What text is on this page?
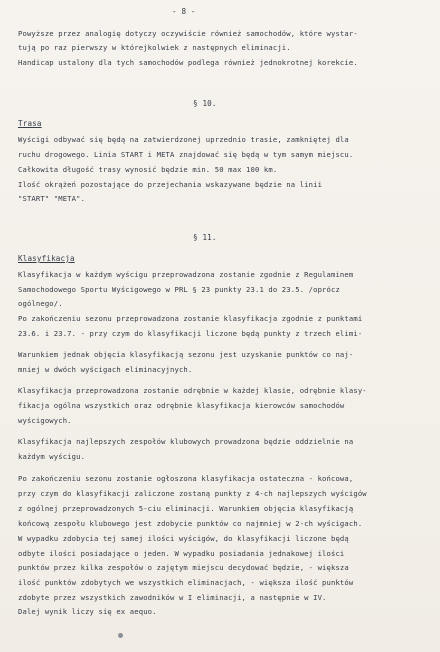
- 8 -
Powyższe przez analogię dotyczy oczywiście również samochodów, które wystar-
tują po raz pierwszy w którejkolwiek z następnych eliminacji.
Handicap ustalony dla tych samochodów podlega również jednokrotnej korekcie.
§ 10.
Trasa
Wyścigi odbywać się będą na zatwierdzonej uprzednio trasie, zamkniętej dla
ruchu drogowego. Linia START i META znajdować się będą w tym samym miejscu.
Całkowita długość trasy wynosić będzie min. 50 max 100 km.
Ilość okrążeń pozostające do przejechania wskazywane będzie na linii
"START" "META".
§ 11.
Klasyfikacja
Klasyfikacja w każdym wyścigu przeprowadzona zostanie zgodnie z Regulaminem
Samochodowego Sportu Wyścigowego w PRL § 23 punkty 23.1 do 23.5. /oprócz
ogólnego/.
Po zakończeniu sezonu przeprowadzona zostanie klasyfikacja zgodnie z punktami
23.6. i 23.7. - przy czym do klasyfikacji liczone będą punkty z trzech elimi-
Warunkiem jednak objęcia klasyfikacją sezonu jest uzyskanie punktów co naj-
mniej w dwóch wyścigach eliminacyjnych.
Klasyfikacja przeprowadzona zostanie odrębnie w każdej klasie, odrębnie klasy-
fikacja ogólna wszystkich oraz odrębnie klasyfikacja kierowców samochodów
wyścigowych.
Klasyfikacja najlepszych zespołów klubowych prowadzona będzie oddzielnie na
każdym wyścigu.
Po zakończeniu sezonu zostanie ogłoszona klasyfikacja ostateczna - końcowa,
przy czym do klasyfikacji zaliczone zostaną punkty z 4-ch najlepszych wyścigów
z ogólnej przeprowadzonych 5-ciu eliminacji. Warunkiem objęcia klasyfikacją
końcową zespołu klubowego jest zdobycie punktów co najmniej w 2-ch wyścigach.
W wypadku zdobycia tej samej ilości wyścigów, do klasyfikacji liczone będą
odbyte ilości posiadające o jeden. W wypadku posiadania jednakowej ilości
punktów przez kilka zespołów o zajętym miejscu decydować będzie, - większa
ilość punktów zdobytych we wszystkich eliminacjach, - większa ilość punktów
zdobyte przez wszystkich zawodników w I eliminacji, a następnie w IV.
Dalej wynik liczy się ex aequo.
